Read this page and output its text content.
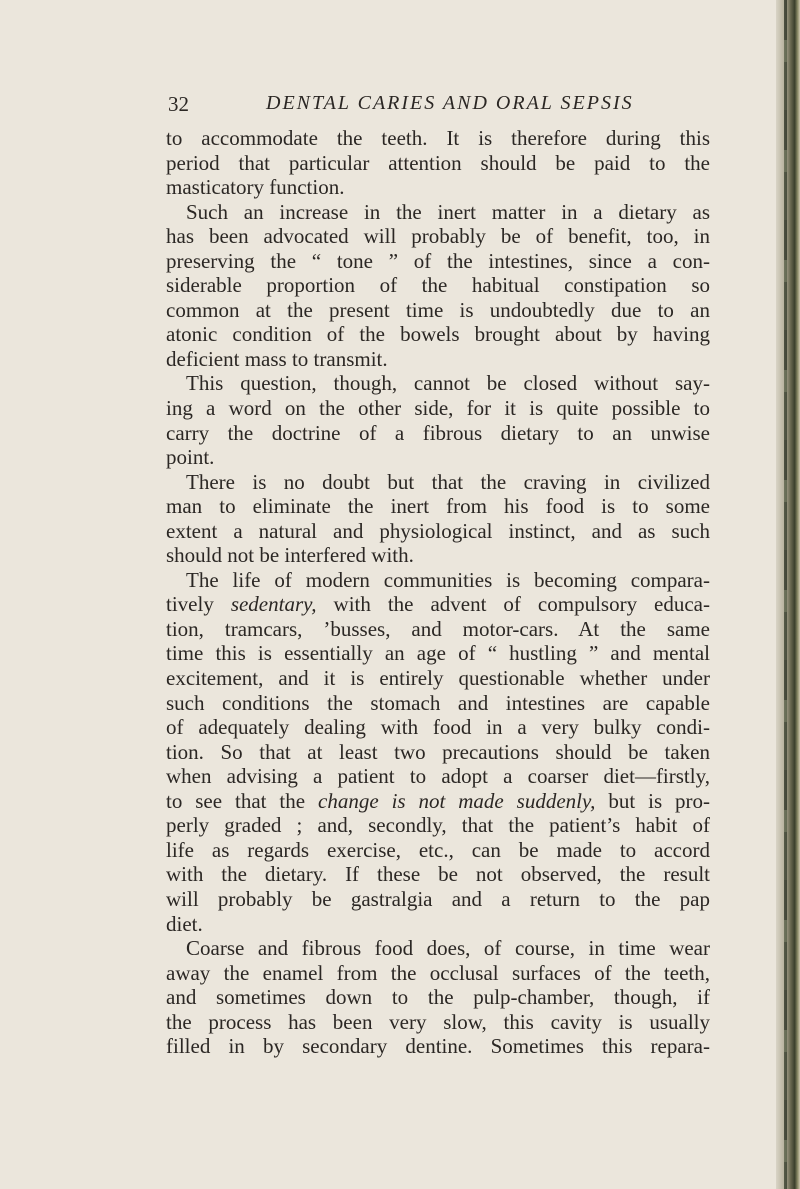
32	DENTAL CARIES AND ORAL SEPSIS
to accommodate the teeth. It is therefore during this
period that particular attention should be paid to the
masticatory function.
Such an increase in the inert matter in a dietary as
has been advocated will probably be of benefit, too, in
preserving the “ tone ” of the intestines, since a con-
siderable proportion of the habitual constipation so
common at the present time is undoubtedly due to an
atonic condition of the bowels brought about by having
deficient mass to transmit.
This question, though, cannot be closed without say-
ing a word on the other side, for it is quite possible to
carry the doctrine of a fibrous dietary to an unwise
point.
There is no doubt but that the craving in civilized
man to eliminate the inert from his food is to some
extent a natural and physiological instinct, and as such
should not be interfered with.
The life of modern communities is becoming compara-
tively sedentary, with the advent of compulsory educa-
tion, tramcars, ’busses, and motor-cars. At the same
time this is essentially an age of “ hustling ” and mental
excitement, and it is entirely questionable whether under
such conditions the stomach and intestines are capable
of adequately dealing with food in a very bulky condi-
tion. So that at least two precautions should be taken
when advising a patient to adopt a coarser diet—firstly,
to see that the change is not made suddenly, but is pro-
perly graded ; and, secondly, that the patient’s habit of
life as regards exercise, etc., can be made to accord
with the dietary. If these be not observed, the result
will probably be gastralgia and a return to the pap
diet.
Coarse and fibrous food does, of course, in time wear
away the enamel from the occlusal surfaces of the teeth,
and sometimes down to the pulp-chamber, though, if
the process has been very slow, this cavity is usually
filled in by secondary dentine. Sometimes this repara-
